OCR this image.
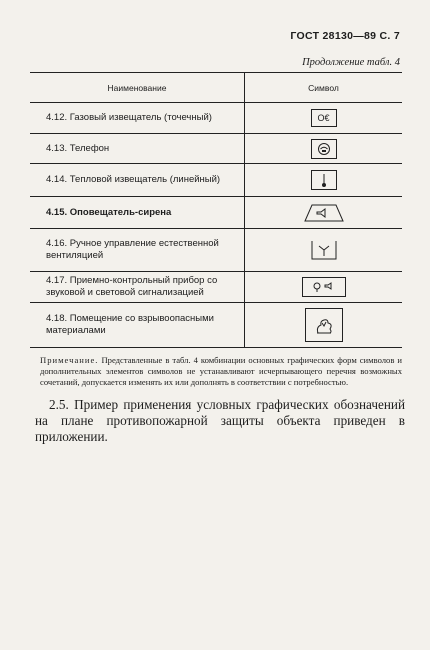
ГОСТ 28130—89 С. 7
Продолжение табл. 4
Наименование	Символ
4.12. Газовый извещатель (точечный)	O€
4.13. Телефон	

4.14. Тепловой извещатель (линейный)	

4.15. Оповещатель-сирена	

4.16. Ручное управление естественной вентиляцией	

4.17. Приемно-контрольный прибор со звуковой и световой сигнализацией	

4.18. Помещение со взрывоопасными материалами	
Примечание. Представленные в табл. 4 комбинации основных графических форм символов и дополнительных элементов символов не устанавливают исчерпывающего перечня возможных сочетаний, допускается изменять их или дополнять в соответствии с потребностью.
2.5. Пример применения условных графических обозначений на плане противопожарной защиты объекта приведен в приложении.
